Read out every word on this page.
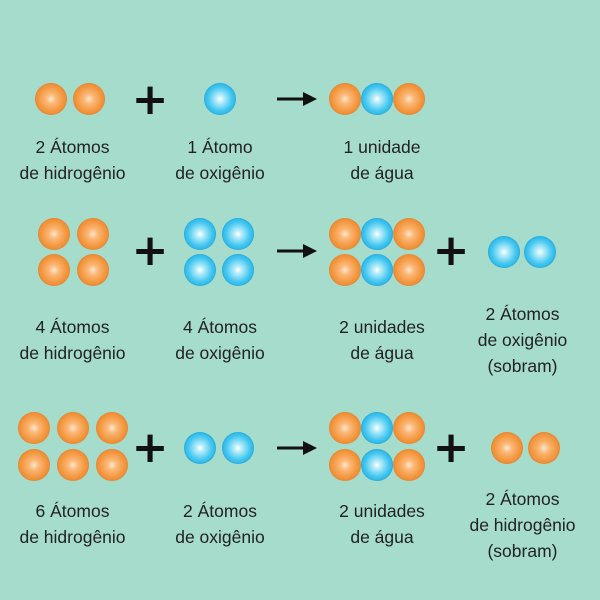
+
2 Átomos
de hidrogênio
1 Átomo
de oxigênio
1 unidade
de água
+	+
4 Átomos
de hidrogênio
4 Átomos
de oxigênio
2 unidades
de água
2 Átomos
de oxigênio
(sobram)
+	+
6 Átomos
de hidrogênio
2 Átomos
de oxigênio
2 unidades
de água
2 Átomos
de hidrogênio
(sobram)
